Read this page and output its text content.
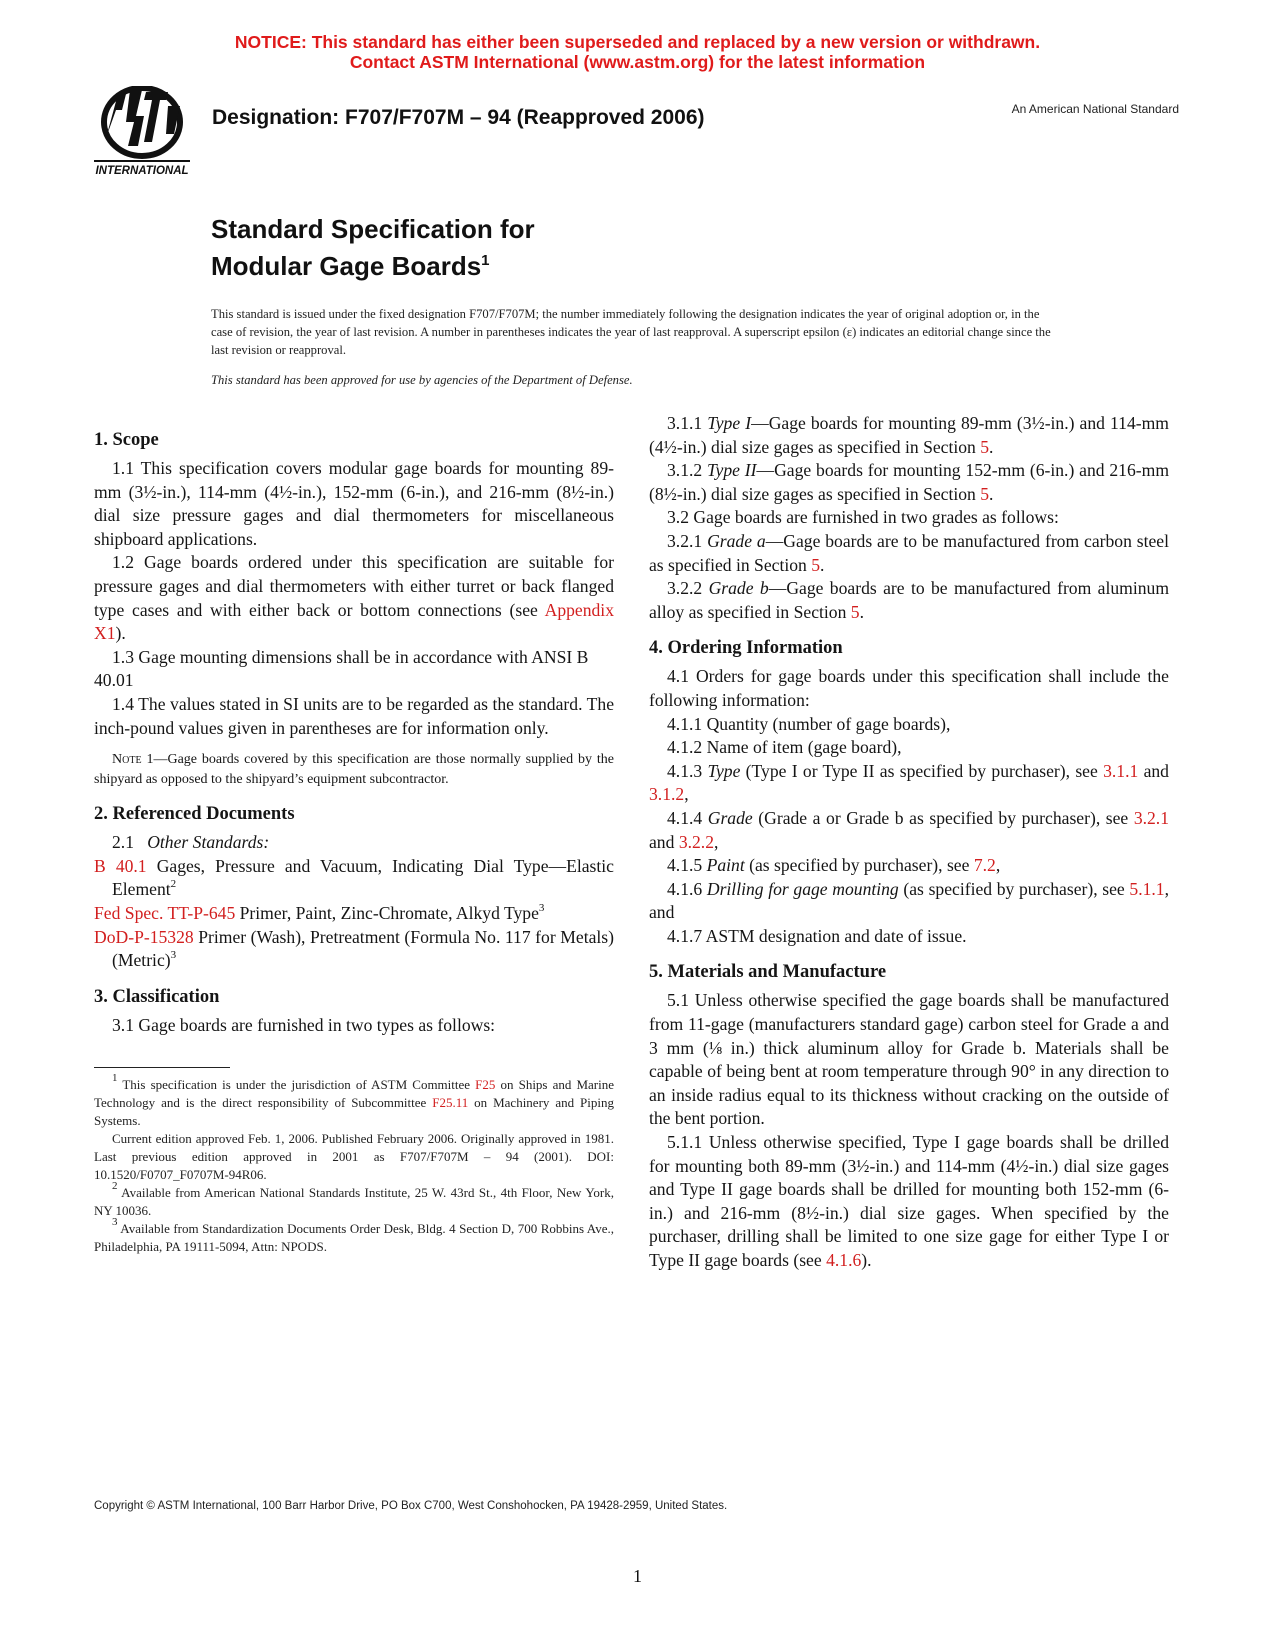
NOTICE: This standard has either been superseded and replaced by a new version or withdrawn.
Contact ASTM International (www.astm.org) for the latest information
INTERNATIONAL
Designation: F707/F707M – 94 (Reapproved 2006)	An American National Standard
Standard Specification for
Modular Gage Boards$^1$

This standard is issued under the fixed designation F707/F707M; the number immediately following the designation indicates the year of original adoption or, in the case of revision, the year of last revision. A number in parentheses indicates the year of last reapproval. A superscript epsilon (ε) indicates an editorial change since the last revision or reapproval.

This standard has been approved for use by agencies of the Department of Defense.

1. Scope

1.1 This specification covers modular gage boards for mounting 89-mm (3½-in.), 114-mm (4½-in.), 152-mm (6-in.), and 216-mm (8½-in.) dial size pressure gages and dial thermometers for miscellaneous shipboard applications.

1.2 Gage boards ordered under this specification are suitable for pressure gages and dial thermometers with either turret or back flanged type cases and with either back or bottom connections (see Appendix X1).

1.3 Gage mounting dimensions shall be in accordance with ANSI B 40.01

1.4 The values stated in SI units are to be regarded as the standard. The inch-pound values given in parentheses are for information only.

Note 1—Gage boards covered by this specification are those normally supplied by the shipyard as opposed to the shipyard’s equipment subcontractor.

2. Referenced Documents

2.1 Other Standards:

B 40.1 Gages, Pressure and Vacuum, Indicating Dial Type—Elastic Element$^2$

Fed Spec. TT-P-645 Primer, Paint, Zinc-Chromate, Alkyd Type$^3$

DoD-P-15328 Primer (Wash), Pretreatment (Formula No. 117 for Metals) (Metric)$^3$

3. Classification

3.1 Gage boards are furnished in two types as follows:

$^1$ This specification is under the jurisdiction of ASTM Committee F25 on Ships and Marine Technology and is the direct responsibility of Subcommittee F25.11 on Machinery and Piping Systems.

Current edition approved Feb. 1, 2006. Published February 2006. Originally approved in 1981. Last previous edition approved in 2001 as F707/F707M – 94 (2001). DOI: 10.1520/F0707_F0707M-94R06.

$^2$ Available from American National Standards Institute, 25 W. 43rd St., 4th Floor, New York, NY 10036.

$^3$ Available from Standardization Documents Order Desk, Bldg. 4 Section D, 700 Robbins Ave., Philadelphia, PA 19111-5094, Attn: NPODS.

3.1.1 Type I—Gage boards for mounting 89-mm (3½-in.) and 114-mm (4½-in.) dial size gages as specified in Section 5.

3.1.2 Type II—Gage boards for mounting 152-mm (6-in.) and 216-mm (8½-in.) dial size gages as specified in Section 5.

3.2 Gage boards are furnished in two grades as follows:

3.2.1 Grade a—Gage boards are to be manufactured from carbon steel as specified in Section 5.

3.2.2 Grade b—Gage boards are to be manufactured from aluminum alloy as specified in Section 5.

4. Ordering Information

4.1 Orders for gage boards under this specification shall include the following information:

4.1.1 Quantity (number of gage boards),

4.1.2 Name of item (gage board),

4.1.3 Type (Type I or Type II as specified by purchaser), see 3.1.1 and 3.1.2,

4.1.4 Grade (Grade a or Grade b as specified by purchaser), see 3.2.1 and 3.2.2,

4.1.5 Paint (as specified by purchaser), see 7.2,

4.1.6 Drilling for gage mounting (as specified by purchaser), see 5.1.1, and

4.1.7 ASTM designation and date of issue.

5. Materials and Manufacture

5.1 Unless otherwise specified the gage boards shall be manufactured from 11-gage (manufacturers standard gage) carbon steel for Grade a and 3 mm (⅛ in.) thick aluminum alloy for Grade b. Materials shall be capable of being bent at room temperature through 90° in any direction to an inside radius equal to its thickness without cracking on the outside of the bent portion.

5.1.1 Unless otherwise specified, Type I gage boards shall be drilled for mounting both 89-mm (3½-in.) and 114-mm (4½-in.) dial size gages and Type II gage boards shall be drilled for mounting both 152-mm (6-in.) and 216-mm (8½-in.) dial size gages. When specified by the purchaser, drilling shall be limited to one size gage for either Type I or Type II gage boards (see 4.1.6).

Copyright © ASTM International, 100 Barr Harbor Drive, PO Box C700, West Conshohocken, PA 19428-2959, United States.
1
